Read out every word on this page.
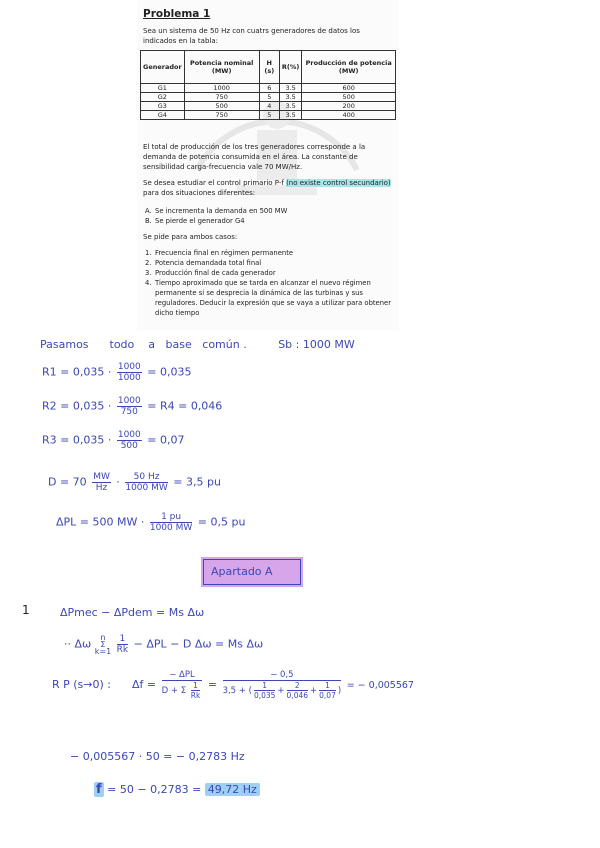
Problema 1
Sea un sistema de 50 Hz con cuatrs generadores de datos los indicados en la tabla:
Generador	Potencia nominal (MW)	H (s)	R(%)	Producción de potencia (MW)
G1	1000	6	3.5	600
G2	750	5	3.5	500
G3	500	4	3.5	200
G4	750	5	3.5	400
El total de producción de los tres generadores corresponde a la demanda de potencia consumida en el área. La constante de sensibilidad carga-frecuencia vale 70 MW/Hz.
Se desea estudiar el control primario P-f (no existe control secundario) para dos situaciones diferentes:
A. Se incrementa la demanda en 500 MW
B. Se pierde el generador G4
Se pide para ambos casos:
1. Frecuencia final en régimen permanente
2. Potencia demandada total final
3. Producción final de cada generador
4. Tiempo aproximado que se tarda en alcanzar el nuevo régimen permanente si se desprecia la dinámica de las turbinas y sus reguladores. Deducir la expresión que se vaya a utilizar para obtener dicho tiempo
Pasamos todo a base común .	Sb : 1000 MW
$R1 = 0,035 \cdot \frac{1000}{1000} = 0,035$
$R2 = 0,035 \cdot \frac{1000}{750} = R4 = 0,046$
$R3 = 0,035 \cdot \frac{1000}{500} = 0,07$
$D = 70 \frac{MW}{Hz} \cdot \frac{50 Hz}{1000 MW} = 3,5$ pu
ΔPL = 500 MW · $\frac{1 pu}{1000 MW} = 0,5$ pu
Apartado A
1	ΔPmec − ΔPdem = Ms Δω
·· Δω	n
Σ
k=1
$\frac{1}{Rk} - \Delta PL - D$ Δω = Ms Δω
R P (s→0) : $\Delta f = \frac{\text{− ΔPL}}{D + \Sigma \frac{1}{Rk}} = \frac{- 0,5}{3,5 + ( \frac{1}{0,035} + \frac{2}{0,046} + \frac{1}{0,07} )}$ = − 0,005567
− 0,005567 · 50 = − 0,2783 Hz
f = 50 − 0,2783 = 49,72 Hz
